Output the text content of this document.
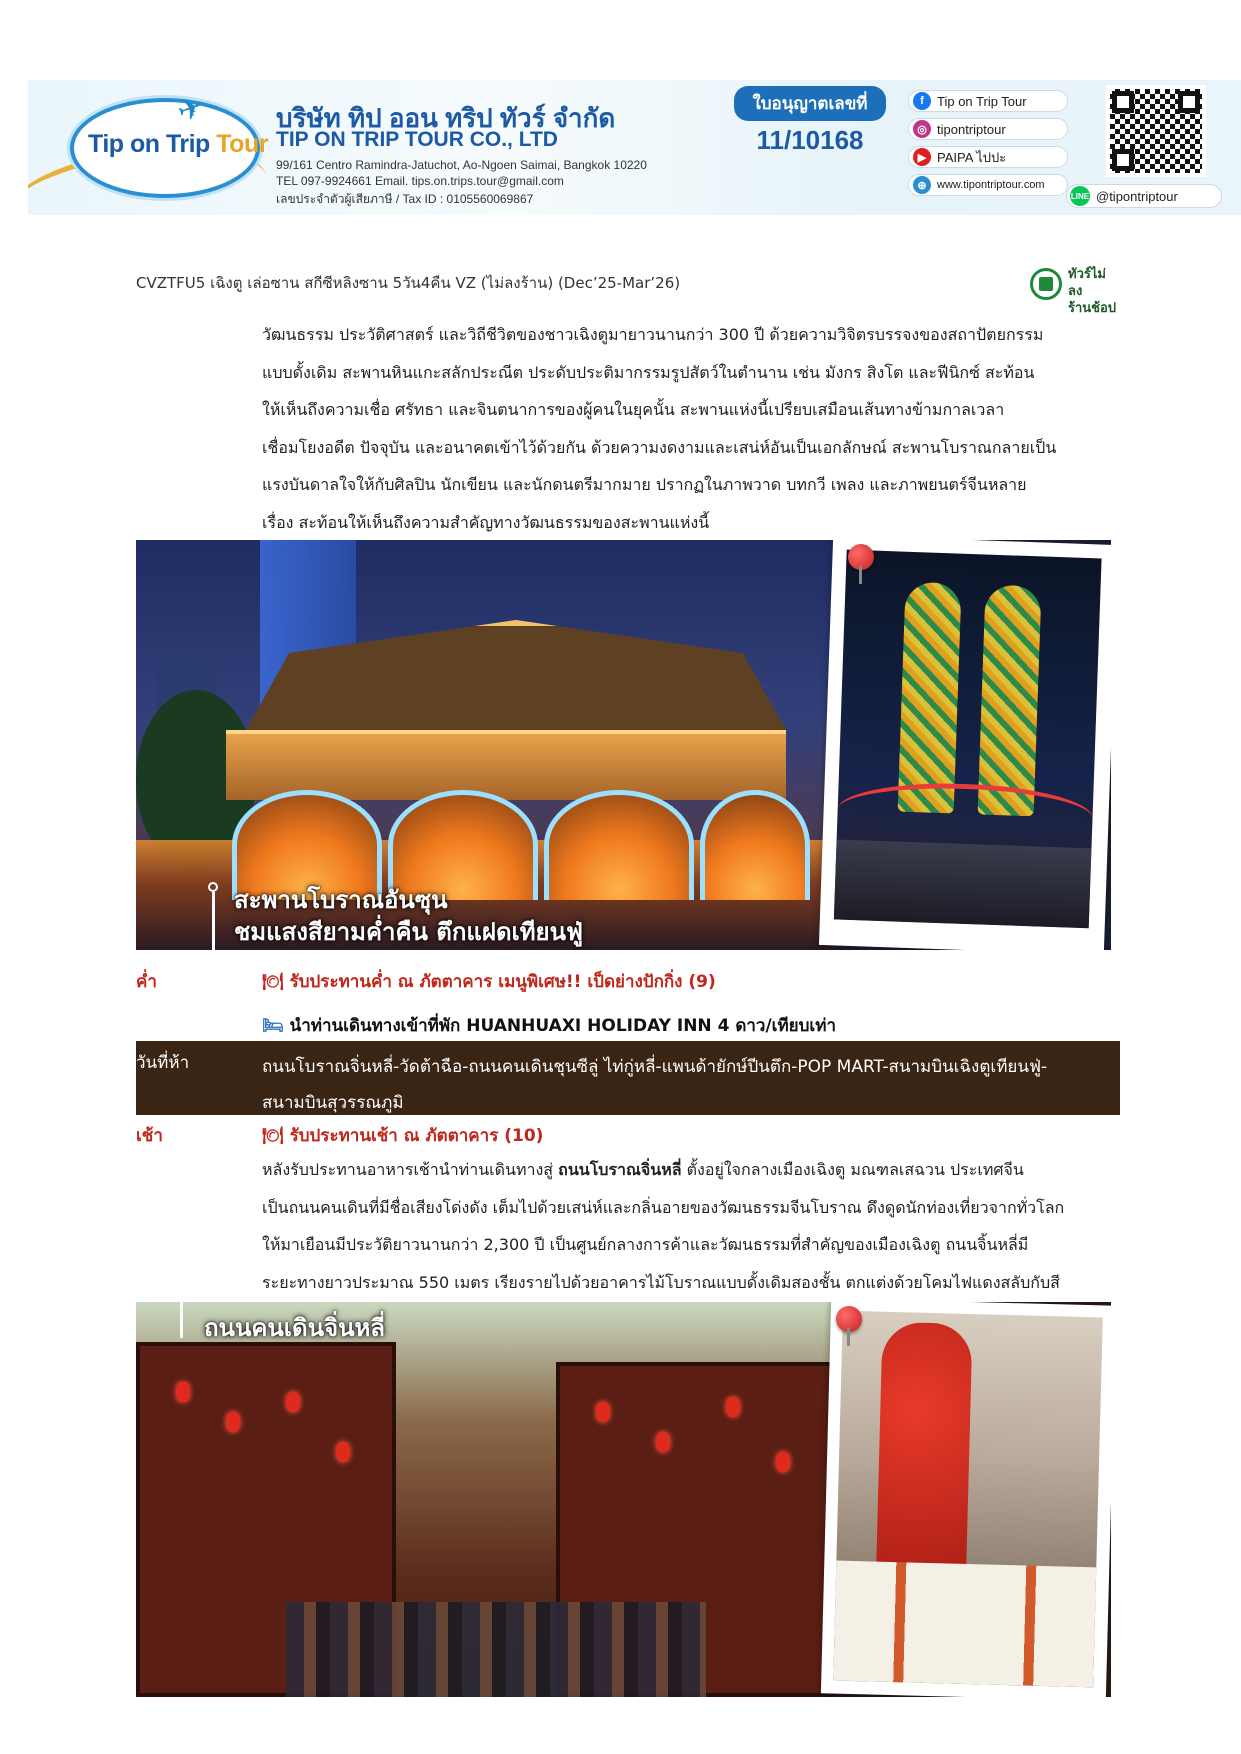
✈
Tip on Trip Tour
บริษัท ทิป ออน ทริป ทัวร์ จำกัด
TIP ON TRIP TOUR CO., LTD
99/161 Centro Ramindra-Jatuchot, Ao-Ngoen Saimai, Bangkok 10220
TEL 097-9924661 Email. tips.on.trips.tour@gmail.com
เลขประจำตัวผู้เสียภาษี / Tax ID : 0105560069867
ใบอนุญาตเลขที่
11/10168
f	Tip on Trip Tour
◎ tipontriptour
▶ PAIPA ไปปะ
⊕ www.tipontriptour.com
LINE @tipontriptour
CVZTFU5 เฉิงตู เล่อซาน สกีซีหลิงซาน 5วัน4คืน VZ (ไม่ลงร้าน) (Dec’25-Mar’26)	ทัวร์ไม่ลง
ร้านช้อป
วัฒนธรรม ประวัติศาสตร์ และวิถีชีวิตของชาวเฉิงตูมายาวนานกว่า 300 ปี ด้วยความวิจิตรบรรจงของสถาปัตยกรรม
แบบดั้งเดิม สะพานหินแกะสลักประณีต ประดับประติมากรรมรูปสัตว์ในตำนาน เช่น มังกร สิงโต และฟีนิกซ์ สะท้อน
ให้เห็นถึงความเชื่อ ศรัทธา และจินตนาการของผู้คนในยุคนั้น สะพานแห่งนี้เปรียบเสมือนเส้นทางข้ามกาลเวลา
เชื่อมโยงอดีต ปัจจุบัน และอนาคตเข้าไว้ด้วยกัน ด้วยความงดงามและเสน่ห์อันเป็นเอกลักษณ์ สะพานโบราณกลายเป็น
แรงบันดาลใจให้กับศิลปิน นักเขียน และนักดนตรีมากมาย ปรากฏในภาพวาด บทกวี เพลง และภาพยนตร์จีนหลาย
เรื่อง สะท้อนให้เห็นถึงความสำคัญทางวัฒนธรรมของสะพานแห่งนี้
สะพานโบราณอันซุน
ชมแสงสียามค่ำคืน ตึกแฝดเทียนฟู่
ค่ำ	🍽 รับประทานค่ำ ณ ภัตตาคาร เมนูพิเศษ!! เป็ดย่างปักกิ่ง (9)
🛏 นำท่านเดินทางเข้าที่พัก HUANHUAXI HOLIDAY INN 4 ดาว/เทียบเท่า
วันที่ห้า	ถนนโบราณจิ่นหลี่-วัดต้าฉือ-ถนนคนเดินชุนซีลู่ ไท่กู่หลี่-แพนด้ายักษ์ปีนตึก-POP MART-สนามบินเฉิงตูเทียนฟู่-
สนามบินสุวรรณภูมิ
เช้า	🍽 รับประทานเช้า ณ ภัตตาคาร (10)
หลังรับประทานอาหารเช้านำท่านเดินทางสู่ ถนนโบราณจิ่นหลี่ ตั้งอยู่ใจกลางเมืองเฉิงตู มณฑลเสฉวน ประเทศจีน
เป็นถนนคนเดินที่มีชื่อเสียงโด่งดัง เต็มไปด้วยเสน่ห์และกลิ่นอายของวัฒนธรรมจีนโบราณ ดึงดูดนักท่องเที่ยวจากทั่วโลก
ให้มาเยือนมีประวัติยาวนานกว่า 2,300 ปี เป็นศูนย์กลางการค้าและวัฒนธรรมที่สำคัญของเมืองเฉิงตู ถนนจิ้นหลี่มี
ระยะทางยาวประมาณ 550 เมตร เรียงรายไปด้วยอาคารไม้โบราณแบบดั้งเดิมสองชั้น ตกแต่งด้วยโคมไฟแดงสลับกับสี
ถนนคนเดินจิ่นหลี่
